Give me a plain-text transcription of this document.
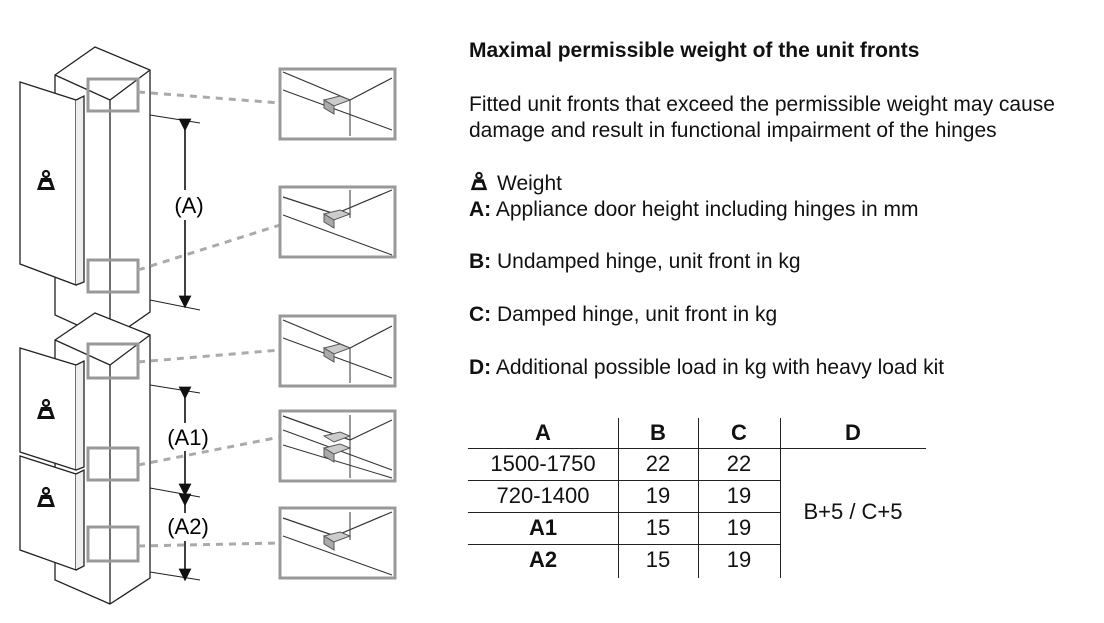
(A)
(A1)
(A2)
Maximal permissible weight of the unit fronts
Fitted unit fronts that exceed the permissible weight may cause damage and result in functional impairment of the hinges
Weight
A: Appliance door height including hinges in mm
B: Undamped hinge, unit front in kg
C: Damped hinge, unit front in kg
D: Additional possible load in kg with heavy load kit
A	B	C	D
1500-1750	22	22
720-1400	19	19
A1	15	19
A2	15	19
B+5 / C+5
